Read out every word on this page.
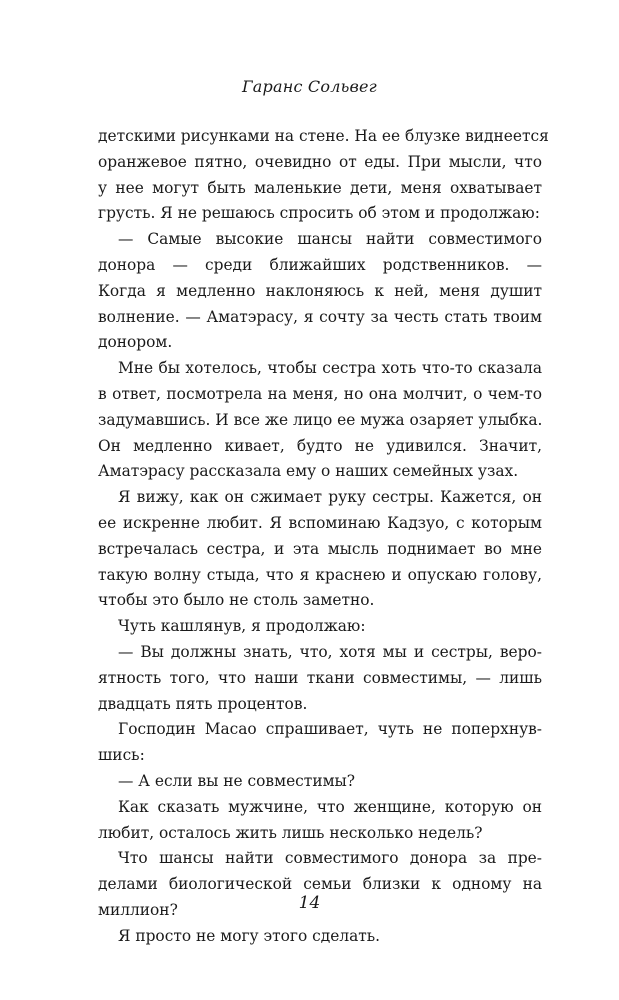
Гаранс Сольвег
детскими рисунками на стене. На ее блузке виднеется
оранжевое пятно, очевидно от еды. При мысли, что
у нее могут быть маленькие дети, меня охватывает
грусть. Я не решаюсь спросить об этом и продолжаю:
— Самые высокие шансы найти совместимого
донора — среди ближайших родственников. —
Когда я медленно наклоняюсь к ней, меня душит
волнение. — Аматэрасу, я сочту за честь стать твоим
донором.
Мне бы хотелось, чтобы сестра хоть что-то сказала
в ответ, посмотрела на меня, но она молчит, о чем-то
задумавшись. И все же лицо ее мужа озаряет улыбка.
Он медленно кивает, будто не удивился. Значит,
Аматэрасу рассказала ему о наших семейных узах.
Я вижу, как он сжимает руку сестры. Кажется, он
ее искренне любит. Я вспоминаю Кадзуо, с которым
встречалась сестра, и эта мысль поднимает во мне
такую волну стыда, что я краснею и опускаю голову,
чтобы это было не столь заметно.
Чуть кашлянув, я продолжаю:
— Вы должны знать, что, хотя мы и сестры, веро-
ятность того, что наши ткани совместимы, — лишь
двадцать пять процентов.
Господин Масао спрашивает, чуть не поперхнув-
шись:
— А если вы не совместимы?
Как сказать мужчине, что женщине, которую он
любит, осталось жить лишь несколько недель?
Что шансы найти совместимого донора за пре-
делами биологической семьи близки к одному на
миллион?
Я просто не могу этого сделать.
14
